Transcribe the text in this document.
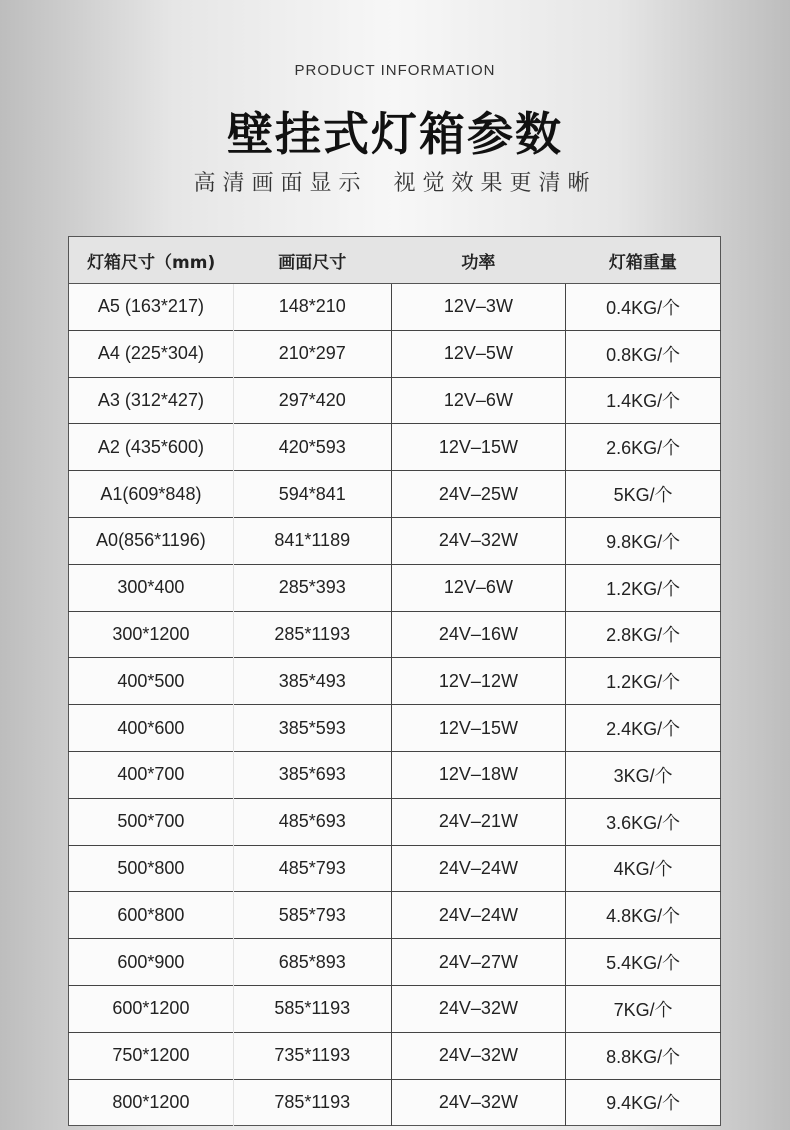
PRODUCT INFORMATION
壁挂式灯箱参数
高清画面显示 视觉效果更清晰
灯箱尺寸（mm)	画面尺寸	功率	灯箱重量
A5 (163*217)	148*210	12V–3W	0.4KG/个
A4 (225*304)	210*297	12V–5W	0.8KG/个
A3 (312*427)	297*420	12V–6W	1.4KG/个
A2 (435*600)	420*593	12V–15W	2.6KG/个
A1(609*848)	594*841	24V–25W	5KG/个
A0(856*1196)	841*1189	24V–32W	9.8KG/个
300*400	285*393	12V–6W	1.2KG/个
300*1200	285*1193	24V–16W	2.8KG/个
400*500	385*493	12V–12W	1.2KG/个
400*600	385*593	12V–15W	2.4KG/个
400*700	385*693	12V–18W	3KG/个
500*700	485*693	24V–21W	3.6KG/个
500*800	485*793	24V–24W	4KG/个
600*800	585*793	24V–24W	4.8KG/个
600*900	685*893	24V–27W	5.4KG/个
600*1200	585*1193	24V–32W	7KG/个
750*1200	735*1193	24V–32W	8.8KG/个
800*1200	785*1193	24V–32W	9.4KG/个
